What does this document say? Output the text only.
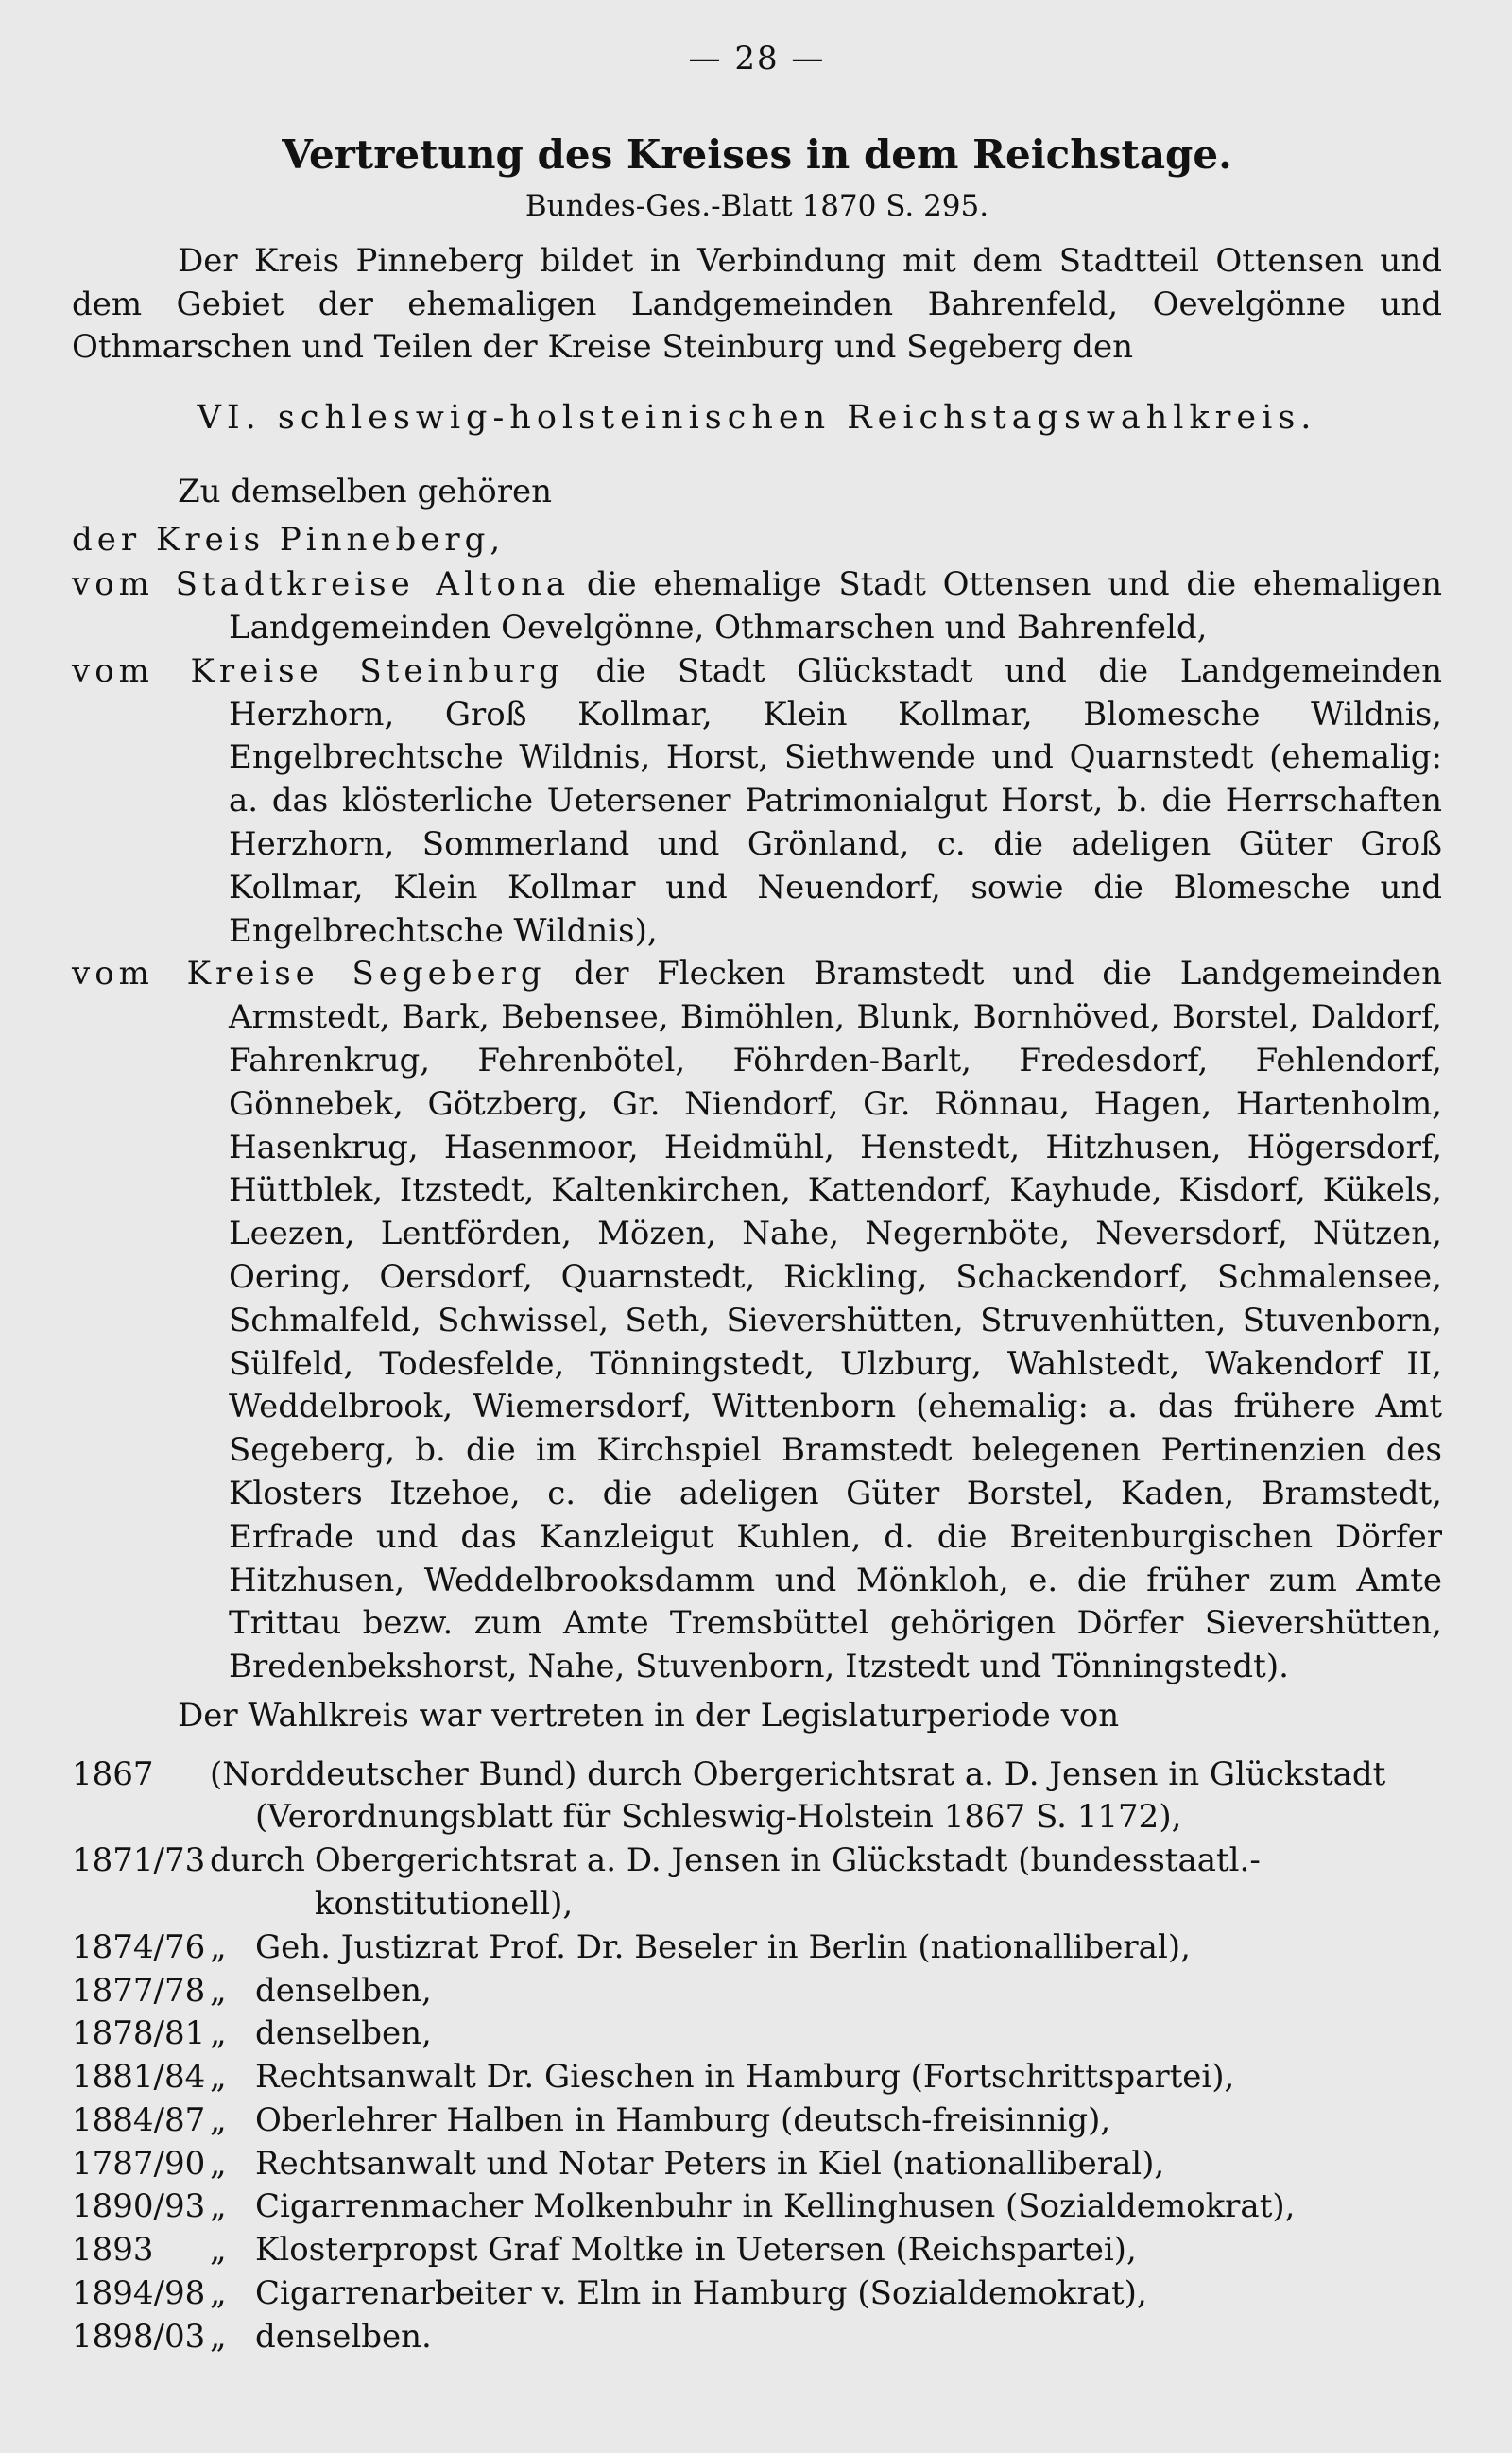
— 28 —
Vertretung des Kreises in dem Reichstage.
Bundes-Ges.-Blatt 1870 S. 295.

Der Kreis Pinneberg bildet in Verbindung mit dem Stadtteil Ottensen und dem Gebiet der ehemaligen Landgemeinden Bahrenfeld, Oevelgönne und Othmarschen und Teilen der Kreise Steinburg und Segeberg den

VI. schleswig-holsteinischen Reichstagswahlkreis.

Zu demselben gehören

der Kreis Pinneberg,

vom Stadtkreise Altona die ehemalige Stadt Ottensen und die ehemaligen Landgemeinden Oevelgönne, Othmarschen und Bahrenfeld,

vom Kreise Steinburg die Stadt Glückstadt und die Landgemeinden Herzhorn, Groß Kollmar, Klein Kollmar, Blomesche Wildnis, Engelbrechtsche Wildnis, Horst, Siethwende und Quarnstedt (ehemalig: a. das klösterliche Uetersener Patrimonialgut Horst, b. die Herrschaften Herzhorn, Sommerland und Grönland, c. die adeligen Güter Groß Kollmar, Klein Kollmar und Neuendorf, sowie die Blomesche und Engelbrechtsche Wildnis),

vom Kreise Segeberg der Flecken Bramstedt und die Landgemeinden Armstedt, Bark, Bebensee, Bimöhlen, Blunk, Bornhöved, Borstel, Daldorf, Fahrenkrug, Fehrenbötel, Föhrden-Barlt, Fredesdorf, Fehlendorf, Gönnebek, Götzberg, Gr. Niendorf, Gr. Rönnau, Hagen, Hartenholm, Hasenkrug, Hasenmoor, Heidmühl, Henstedt, Hitzhusen, Högersdorf, Hüttblek, Itzstedt, Kaltenkirchen, Kattendorf, Kayhude, Kisdorf, Kükels, Leezen, Lentförden, Mözen, Nahe, Negernböte, Neversdorf, Nützen, Oering, Oersdorf, Quarnstedt, Rickling, Schackendorf, Schmalensee, Schmalfeld, Schwissel, Seth, Sievershütten, Struvenhütten, Stuvenborn, Sülfeld, Todesfelde, Tönningstedt, Ulzburg, Wahlstedt, Wakendorf II, Weddelbrook, Wiemersdorf, Wittenborn (ehemalig: a. das frühere Amt Segeberg, b. die im Kirchspiel Bramstedt belegenen Pertinenzien des Klosters Itzehoe, c. die adeligen Güter Borstel, Kaden, Bramstedt, Erfrade und das Kanzleigut Kuhlen, d. die Breitenburgischen Dörfer Hitzhusen, Weddelbrooksdamm und Mönkloh, e. die früher zum Amte Trittau bezw. zum Amte Tremsbüttel gehörigen Dörfer Sievershütten, Bredenbekshorst, Nahe, Stuvenborn, Itzstedt und Tönningstedt).

Der Wahlkreis war vertreten in der Legislaturperiode von

1867	(Norddeutscher Bund) durch Obergerichtsrat a. D. Jensen in Glückstadt
(Verordnungsblatt für Schleswig-Holstein 1867 S. 1172),
1871/73 durch Obergerichtsrat a. D. Jensen in Glückstadt (bundesstaatl.-konstitutionell),
1874/76 „ Geh. Justizrat Prof. Dr. Beseler in Berlin (nationalliberal),
1877/78 „ denselben,
1878/81 „ denselben,
1881/84 „ Rechtsanwalt Dr. Gieschen in Hamburg (Fortschrittspartei),
1884/87 „ Oberlehrer Halben in Hamburg (deutsch-freisinnig),
1787/90 „ Rechtsanwalt und Notar Peters in Kiel (nationalliberal),
1890/93 „ Cigarrenmacher Molkenbuhr in Kellinghusen (Sozialdemokrat),
1893	„ Klosterpropst Graf Moltke in Uetersen (Reichspartei),
1894/98 „ Cigarrenarbeiter v. Elm in Hamburg (Sozialdemokrat),
1898/03 „ denselben.
